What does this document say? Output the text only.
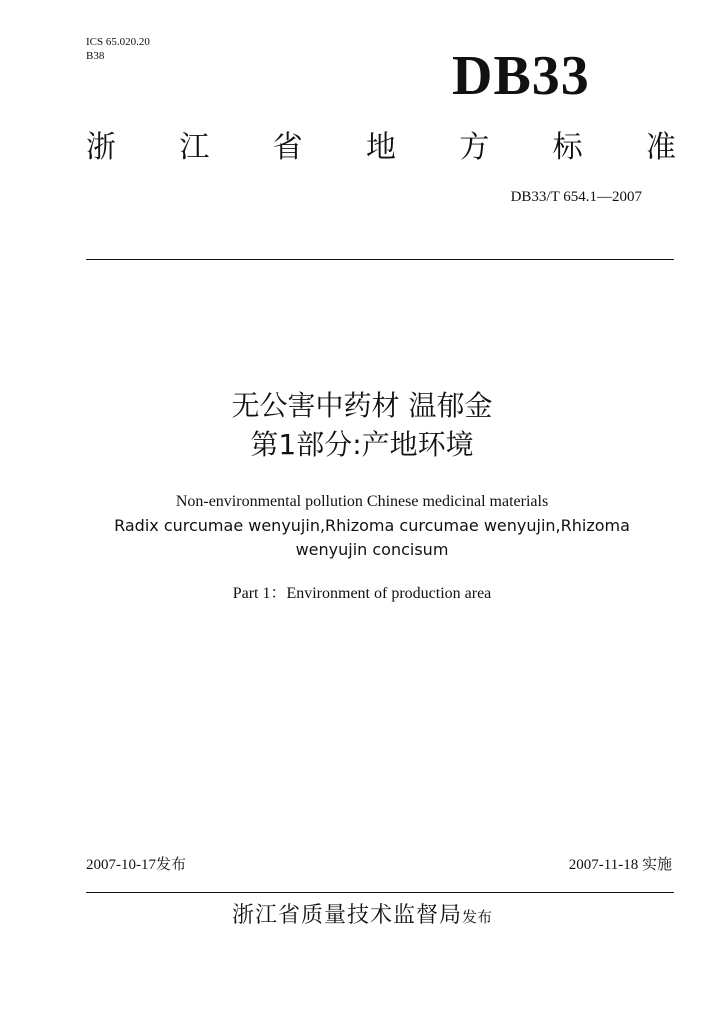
ICS 65.020.20
B38	DB33
浙 江 省 地 方 标 准
DB33/T 654.1—2007
无公害中药材 温郁金
第1部分:产地环境
Non-environmental pollution Chinese medicinal materials
Radix curcumae wenyujin,Rhizoma curcumae wenyujin,Rhizoma wenyujin concisum
Part 1：Environment of production area
2007-10-17发布	2007-11-18 实施
浙江省质量技术监督局发布
